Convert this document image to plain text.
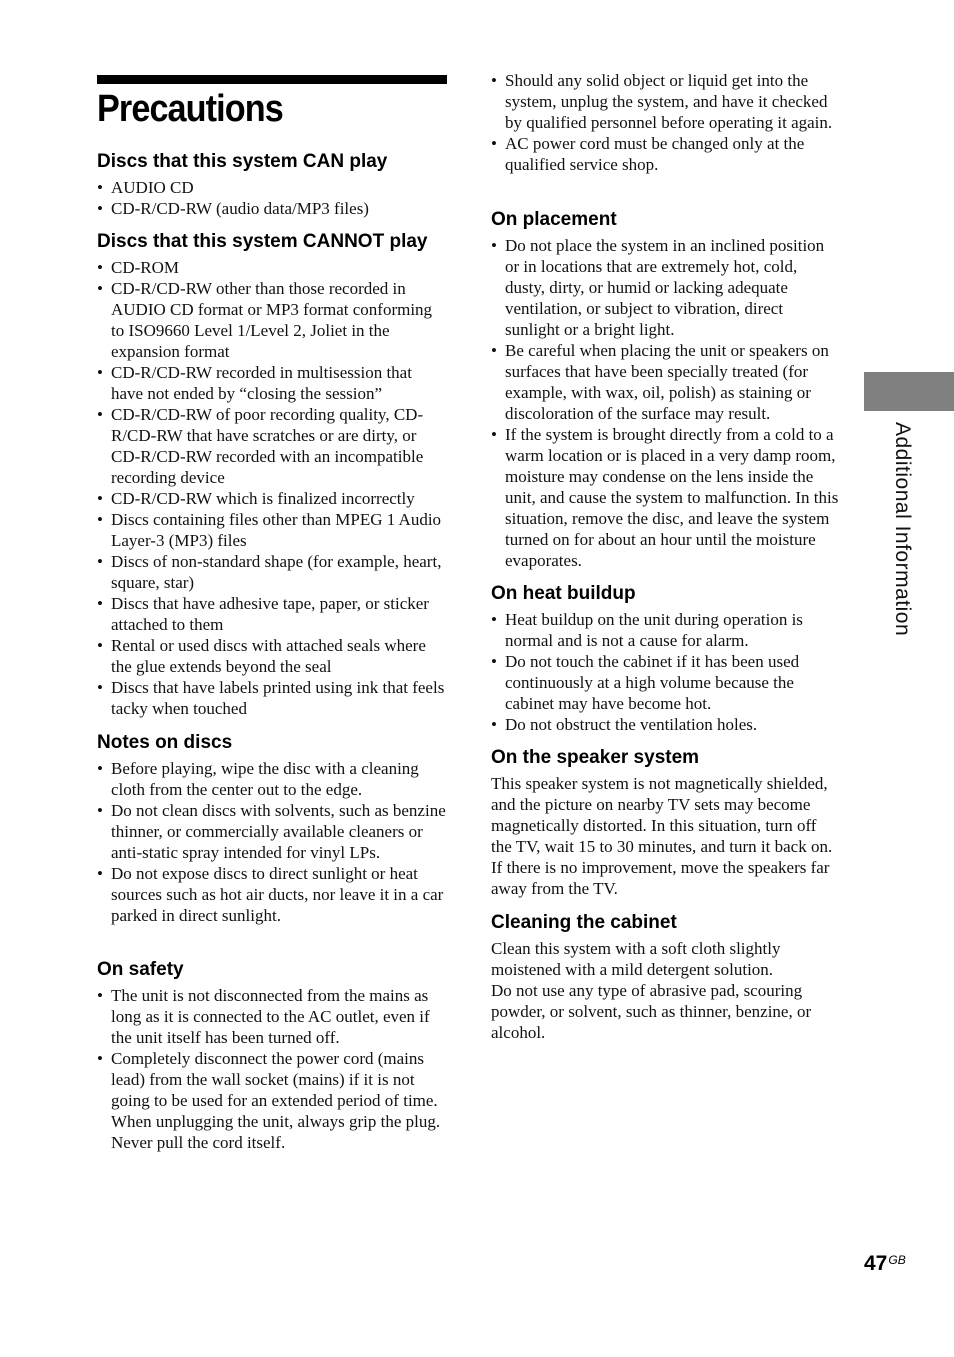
Precautions
Discs that this system CAN play
• AUDIO CD
• CD-R/CD-RW (audio data/MP3 files)
Discs that this system CANNOT play
• CD-ROM
• CD-R/CD-RW other than those recorded in AUDIO CD format or MP3 format conforming to ISO9660 Level 1/Level 2, Joliet in the expansion format
• CD-R/CD-RW recorded in multisession that have not ended by “closing the session”
• CD-R/CD-RW of poor recording quality, CD-R/CD-RW that have scratches or are dirty, or CD-R/CD-RW recorded with an incompatible recording device
• CD-R/CD-RW which is finalized incorrectly
• Discs containing files other than MPEG 1 Audio Layer-3 (MP3) files
• Discs of non-standard shape (for example, heart, square, star)
• Discs that have adhesive tape, paper, or sticker attached to them
• Rental or used discs with attached seals where the glue extends beyond the seal
• Discs that have labels printed using ink that feels tacky when touched
Notes on discs
• Before playing, wipe the disc with a cleaning cloth from the center out to the edge.
• Do not clean discs with solvents, such as benzine thinner, or commercially available cleaners or anti-static spray intended for vinyl LPs.
• Do not expose discs to direct sunlight or heat sources such as hot air ducts, nor leave it in a car parked in direct sunlight.
On safety
• The unit is not disconnected from the mains as long as it is connected to the AC outlet, even if the unit itself has been turned off.
• Completely disconnect the power cord (mains lead) from the wall socket (mains) if it is not going to be used for an extended period of time. When unplugging the unit, always grip the plug. Never pull the cord itself.
• Should any solid object or liquid get into the system, unplug the system, and have it checked by qualified personnel before operating it again.
• AC power cord must be changed only at the qualified service shop.
On placement
• Do not place the system in an inclined position or in locations that are extremely hot, cold, dusty, dirty, or humid or lacking adequate ventilation, or subject to vibration, direct sunlight or a bright light.
• Be careful when placing the unit or speakers on surfaces that have been specially treated (for example, with wax, oil, polish) as staining or discoloration of the surface may result.
• If the system is brought directly from a cold to a warm location or is placed in a very damp room, moisture may condense on the lens inside the unit, and cause the system to malfunction. In this situation, remove the disc, and leave the system turned on for about an hour until the moisture evaporates.
On heat buildup
• Heat buildup on the unit during operation is normal and is not a cause for alarm.
• Do not touch the cabinet if it has been used continuously at a high volume because the cabinet may have become hot.
• Do not obstruct the ventilation holes.
On the speaker system

This speaker system is not magnetically shielded, and the picture on nearby TV sets may become magnetically distorted. In this situation, turn off the TV, wait 15 to 30 minutes, and turn it back on. If there is no improvement, move the speakers far away from the TV.

Cleaning the cabinet

Clean this system with a soft cloth slightly moistened with a mild detergent solution.

Do not use any type of abrasive pad, scouring powder, or solvent, such as thinner, benzine, or alcohol.

Additional Information
$47^{GB}$
